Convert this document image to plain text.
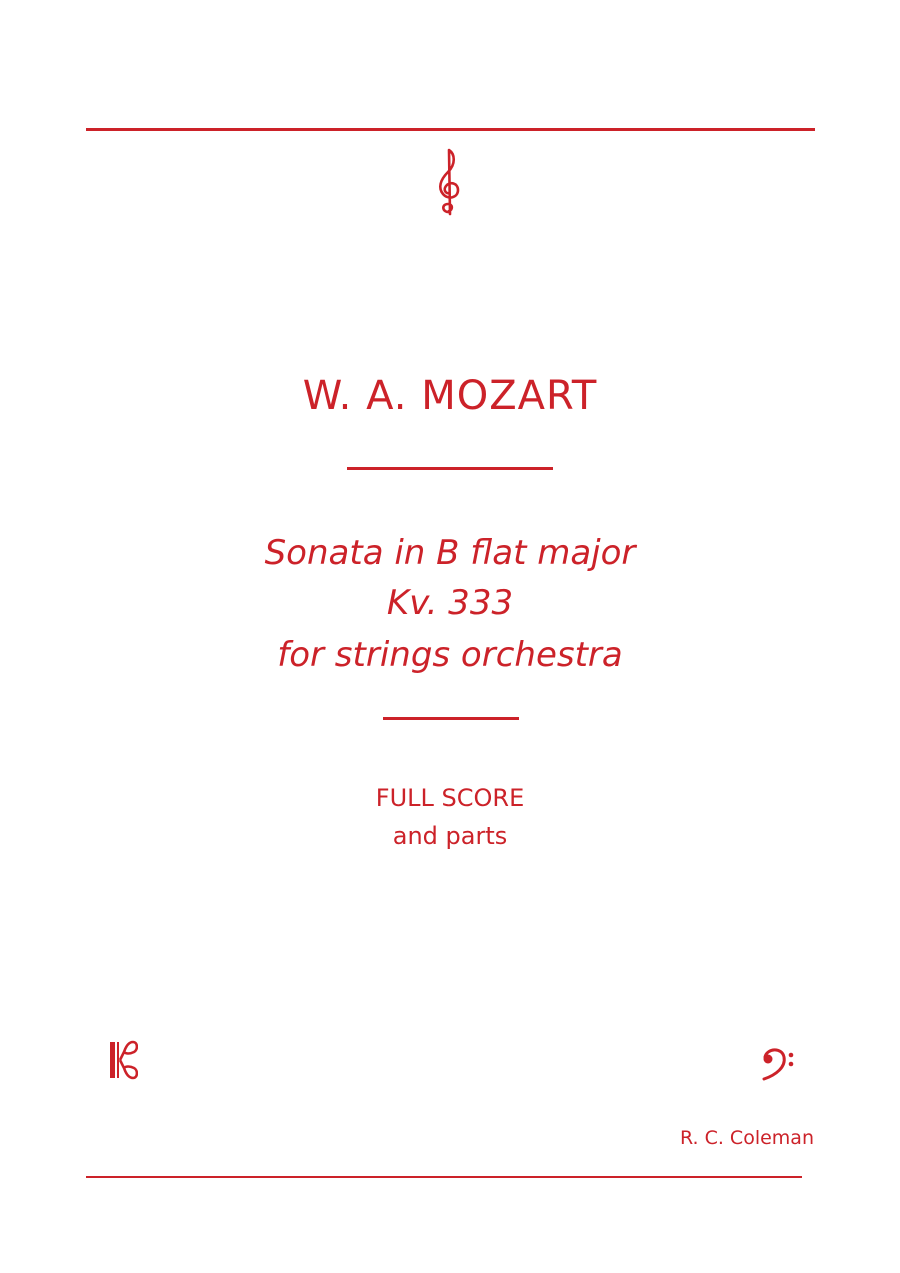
W. A. MOZART
Sonata in B flat major
Kv. 333
for strings orchestra
FULL SCORE
and parts
R. C. Coleman
